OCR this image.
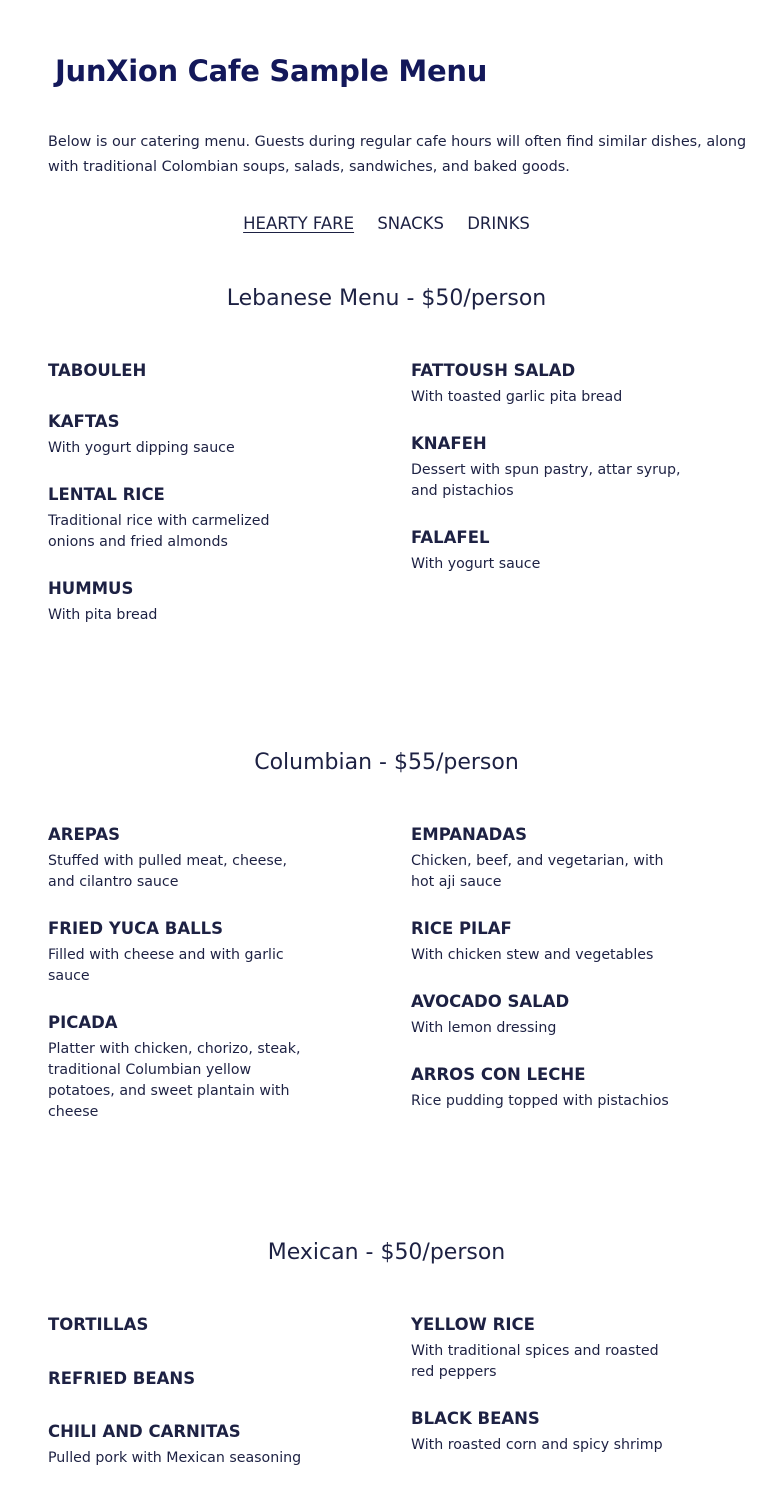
JunXion Cafe Sample Menu

Below is our catering menu. Guests during regular cafe hours will often find similar dishes, along
with traditional Colombian soups, salads, sandwiches, and baked goods.

HEARTY FARE SNACKS DRINKS
Lebanese Menu - $50/person
TABOULEH
KAFTAS
With yogurt dipping sauce
LENTAL RICE
Traditional rice with carmelized onions and fried almonds
HUMMUS
With pita bread
FATTOUSH SALAD
With toasted garlic pita bread
KNAFEH
Dessert with spun pastry, attar syrup, and pistachios
FALAFEL
With yogurt sauce
Columbian - $55/person
AREPAS
Stuffed with pulled meat, cheese, and cilantro sauce
FRIED YUCA BALLS
Filled with cheese and with garlic sauce
PICADA
Platter with chicken, chorizo, steak, traditional Columbian yellow potatoes, and sweet plantain with cheese
EMPANADAS
Chicken, beef, and vegetarian, with hot aji sauce
RICE PILAF
With chicken stew and vegetables
AVOCADO SALAD
With lemon dressing
ARROS CON LECHE
Rice pudding topped with pistachios
Mexican - $50/person
TORTILLAS
REFRIED BEANS
CHILI AND CARNITAS
Pulled pork with Mexican seasoning
YELLOW RICE
With traditional spices and roasted red peppers
BLACK BEANS
With roasted corn and spicy shrimp
